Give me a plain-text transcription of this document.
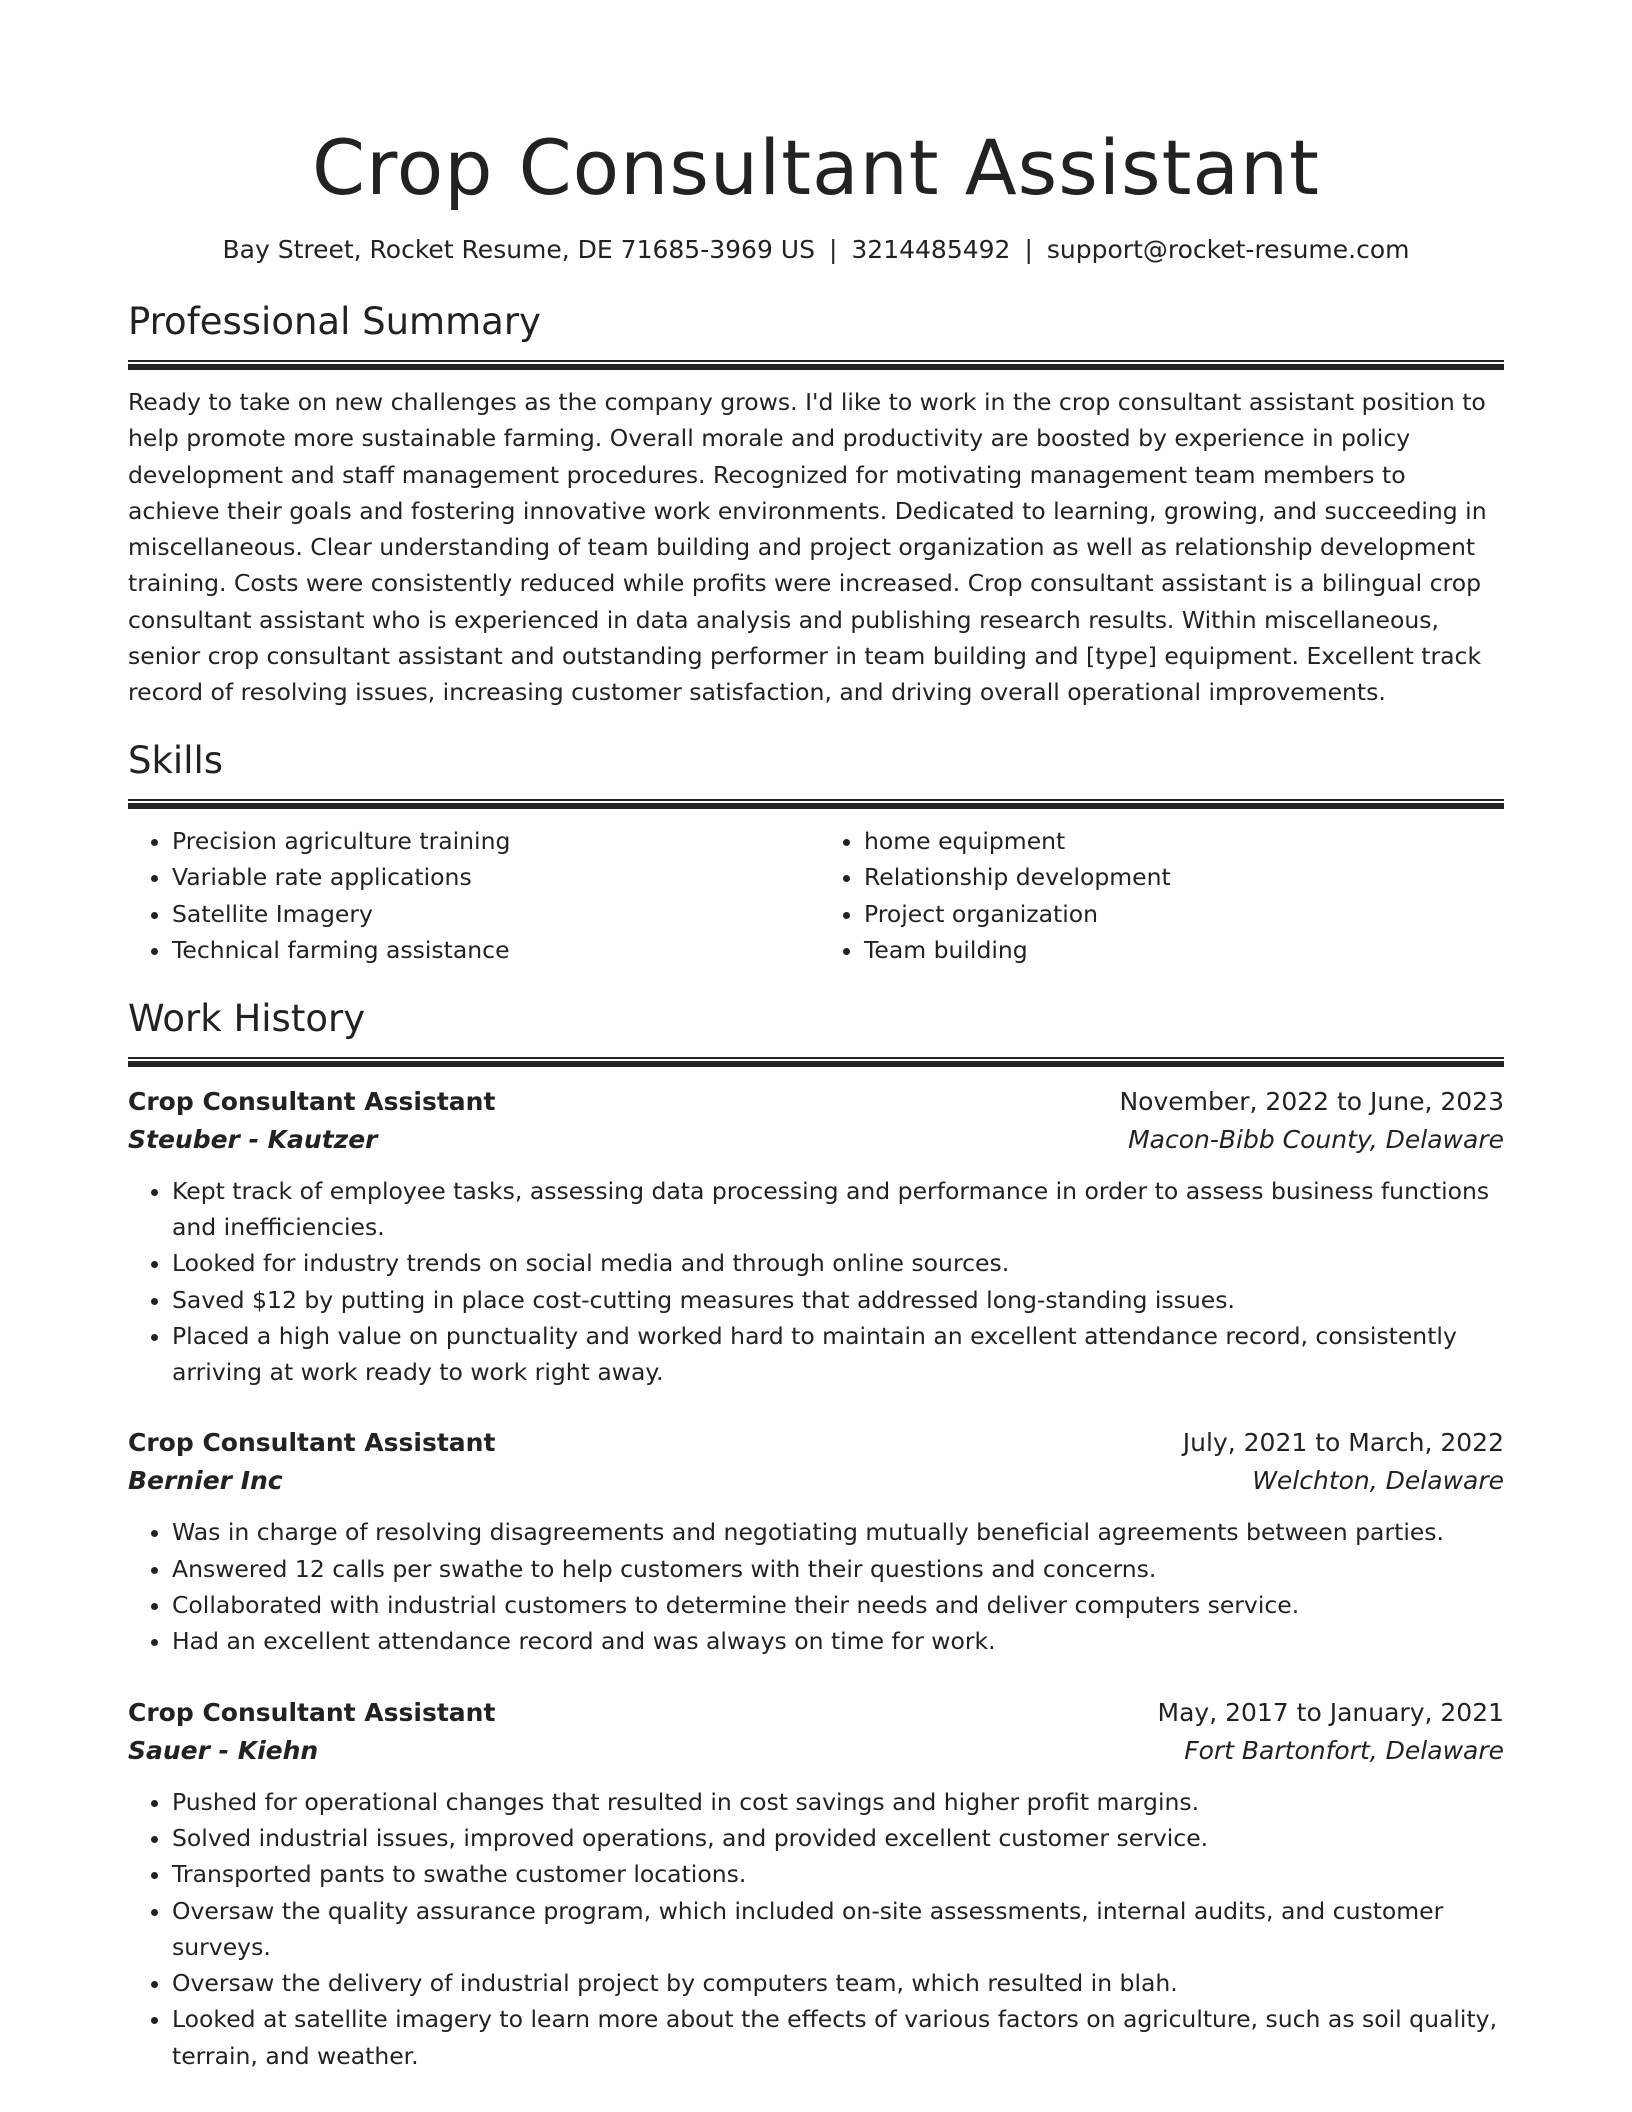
Crop Consultant Assistant
Bay Street, Rocket Resume, DE 71685-3969 US | 3214485492 | support@rocket-resume.com
Professional Summary

Ready to take on new challenges as the company grows. I'd like to work in the crop consultant assistant position to help promote more sustainable farming. Overall morale and productivity are boosted by experience in policy development and staff management procedures. Recognized for motivating management team members to achieve their goals and fostering innovative work environments. Dedicated to learning, growing, and succeeding in miscellaneous. Clear understanding of team building and project organization as well as relationship development training. Costs were consistently reduced while profits were increased. Crop consultant assistant is a bilingual crop consultant assistant who is experienced in data analysis and publishing research results. Within miscellaneous, senior crop consultant assistant and outstanding performer in team building and [type] equipment. Excellent track record of resolving issues, increasing customer satisfaction, and driving overall operational improvements.

Skills
• Precision agriculture training
• Variable rate applications
• Satellite Imagery
• Technical farming assistance
• home equipment
• Relationship development
• Project organization
• Team building
Work History
Crop Consultant Assistant	November, 2022 to June, 2023
Steuber - Kautzer	Macon-Bibb County, Delaware
• Kept track of employee tasks, assessing data processing and performance in order to assess business functions and inefficiencies.
• Looked for industry trends on social media and through online sources.
• Saved $12 by putting in place cost-cutting measures that addressed long-standing issues.
• Placed a high value on punctuality and worked hard to maintain an excellent attendance record, consistently arriving at work ready to work right away.
Crop Consultant Assistant	July, 2021 to March, 2022
Bernier Inc	Welchton, Delaware
• Was in charge of resolving disagreements and negotiating mutually beneficial agreements between parties.
• Answered 12 calls per swathe to help customers with their questions and concerns.
• Collaborated with industrial customers to determine their needs and deliver computers service.
• Had an excellent attendance record and was always on time for work.
Crop Consultant Assistant	May, 2017 to January, 2021
Sauer - Kiehn	Fort Bartonfort, Delaware
• Pushed for operational changes that resulted in cost savings and higher profit margins.
• Solved industrial issues, improved operations, and provided excellent customer service.
• Transported pants to swathe customer locations.
• Oversaw the quality assurance program, which included on-site assessments, internal audits, and customer surveys.
• Oversaw the delivery of industrial project by computers team, which resulted in blah.
• Looked at satellite imagery to learn more about the effects of various factors on agriculture, such as soil quality, terrain, and weather.
